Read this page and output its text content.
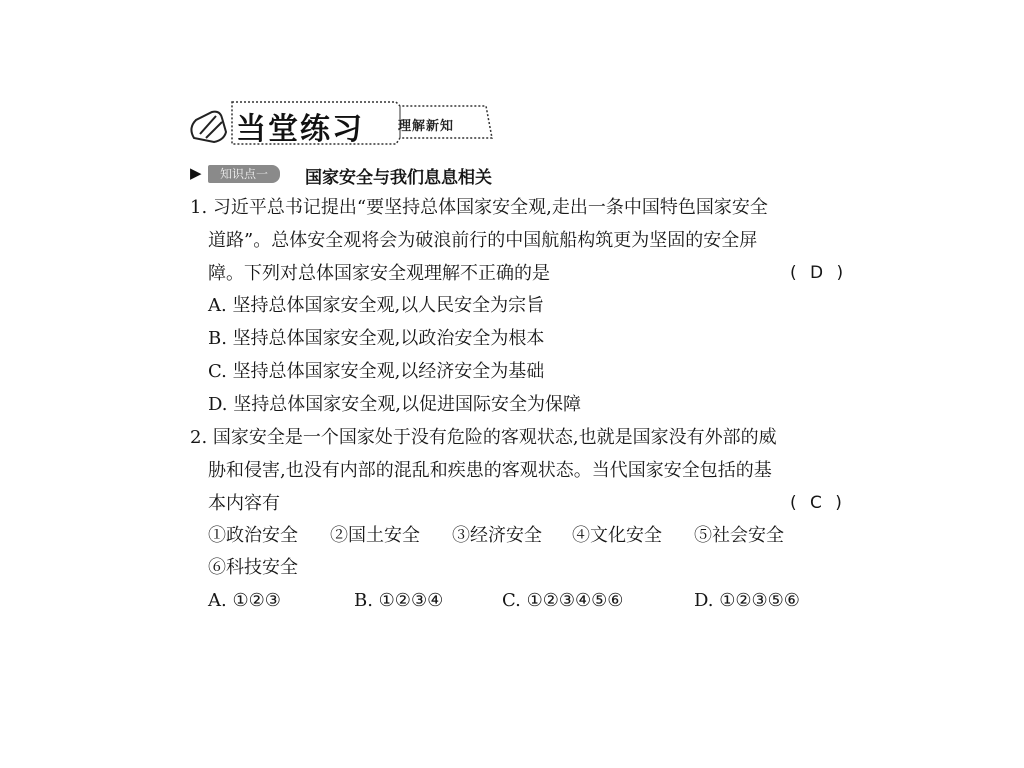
当堂练习	理解新知
▶	知识点一	国家安全与我们息息相关
1. 习近平总书记提出“要坚持总体国家安全观,走出一条中国特色国家安全
道路”。总体安全观将会为破浪前行的中国航船构筑更为坚固的安全屏
障。下列对总体国家安全观理解不正确的是	( D )
A. 坚持总体国家安全观,以人民安全为宗旨
B. 坚持总体国家安全观,以政治安全为根本
C. 坚持总体国家安全观,以经济安全为基础
D. 坚持总体国家安全观,以促进国际安全为保障
2. 国家安全是一个国家处于没有危险的客观状态,也就是国家没有外部的威
胁和侵害,也没有内部的混乱和疾患的客观状态。当代国家安全包括的基
本内容有	( C )
①政治安全 ②国土安全 ③经济安全 ④文化安全 ⑤社会安全
⑥科技安全
A. ①②③	B. ①②③④	C. ①②③④⑤⑥	D. ①②③⑤⑥
